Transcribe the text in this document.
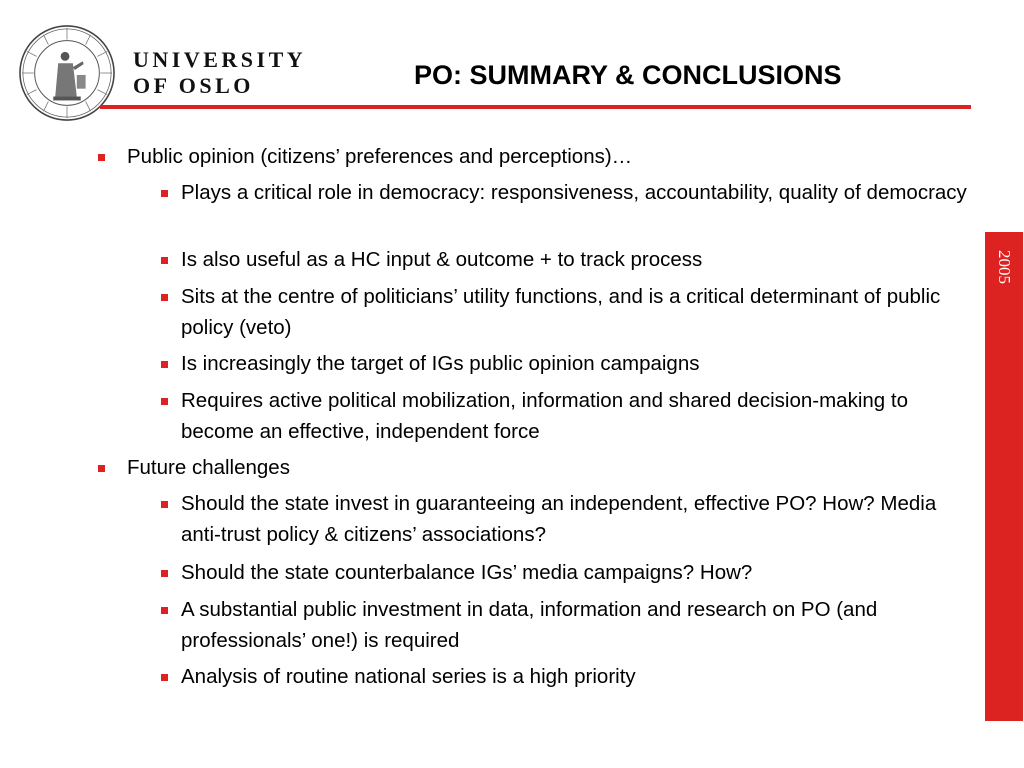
UNIVERSITY
OF OSLO	PO: SUMMARY & CONCLUSIONS
2005
Public opinion (citizens’ preferences and perceptions)…
Plays a critical role in democracy: responsiveness, accountability, quality of democracy
Is also useful as a HC input & outcome + to track process
Sits at the centre of politicians’ utility functions, and is a critical determinant of public policy (veto)
Is increasingly the target of IGs public opinion campaigns
Requires active political mobilization, information and shared decision-making to become an effective, independent force
Future challenges
Should the state invest in guaranteeing an independent, effective PO? How? Media anti-trust policy & citizens’ associations?
Should the state counterbalance IGs’ media campaigns? How?
A substantial public investment in data, information and research on PO (and professionals’ one!) is required
Analysis of routine national series is a high priority
